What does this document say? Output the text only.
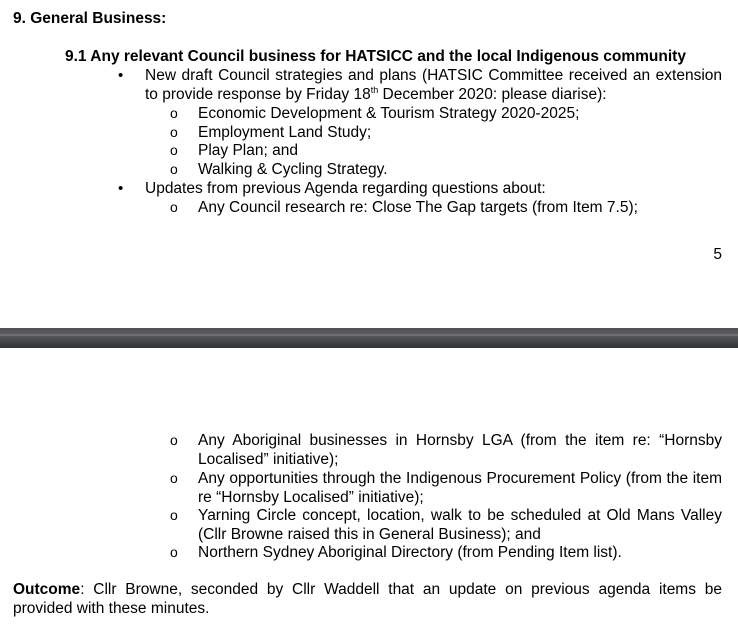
9. General Business:
9.1 Any relevant Council business for HATSICC and the local Indigenous community
• New draft Council strategies and plans (HATSIC Committee received an extension to provide response by Friday 18th December 2020: please diarise):
o Economic Development & Tourism Strategy 2020-2025;
o Employment Land Study;
o Play Plan; and
o Walking & Cycling Strategy.
• Updates from previous Agenda regarding questions about:
o Any Council research re: Close The Gap targets (from Item 7.5);
5
o Any Aboriginal businesses in Hornsby LGA (from the item re: “Hornsby Localised” initiative);
o Any opportunities through the Indigenous Procurement Policy (from the item re “Hornsby Localised” initiative);
o Yarning Circle concept, location, walk to be scheduled at Old Mans Valley (Cllr Browne raised this in General Business); and
o Northern Sydney Aboriginal Directory (from Pending Item list).
Outcome: Cllr Browne, seconded by Cllr Waddell that an update on previous agenda items be provided with these minutes.
